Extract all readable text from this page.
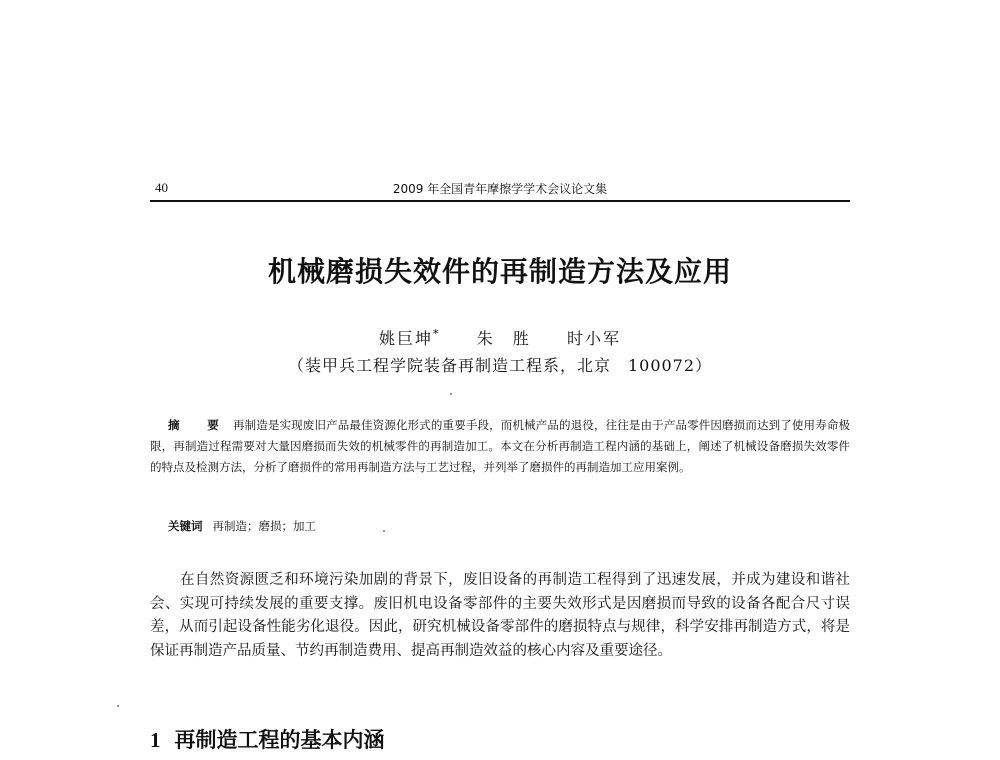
40	2009 年全国青年摩擦学学术会议论文集
机械磨损失效件的再制造方法及应用
姚巨坤* 朱　胜 时小军
（装甲兵工程学院装备再制造工程系，北京　100072）

摘　要 再制造是实现废旧产品最佳资源化形式的重要手段，而机械产品的退役，往往是由于产品零件因磨损而达到了使用寿命极限，再制造过程需要对大量因磨损而失效的机械零件的再制造加工。本文在分析再制造工程内涵的基础上，阐述了机械设备磨损失效零件的特点及检测方法，分析了磨损件的常用再制造方法与工艺过程，并列举了磨损件的再制造加工应用案例。

关键词 再制造；磨损；加工

在自然资源匮乏和环境污染加剧的背景下，废旧设备的再制造工程得到了迅速发展，并成为建设和谐社会、实现可持续发展的重要支撑。废旧机电设备零部件的主要失效形式是因磨损而导致的设备各配合尺寸误差，从而引起设备性能劣化退役。因此，研究机械设备零部件的磨损特点与规律，科学安排再制造方式，将是保证再制造产品质量、节约再制造费用、提高再制造效益的核心内容及重要途径。

1 再制造工程的基本内涵
